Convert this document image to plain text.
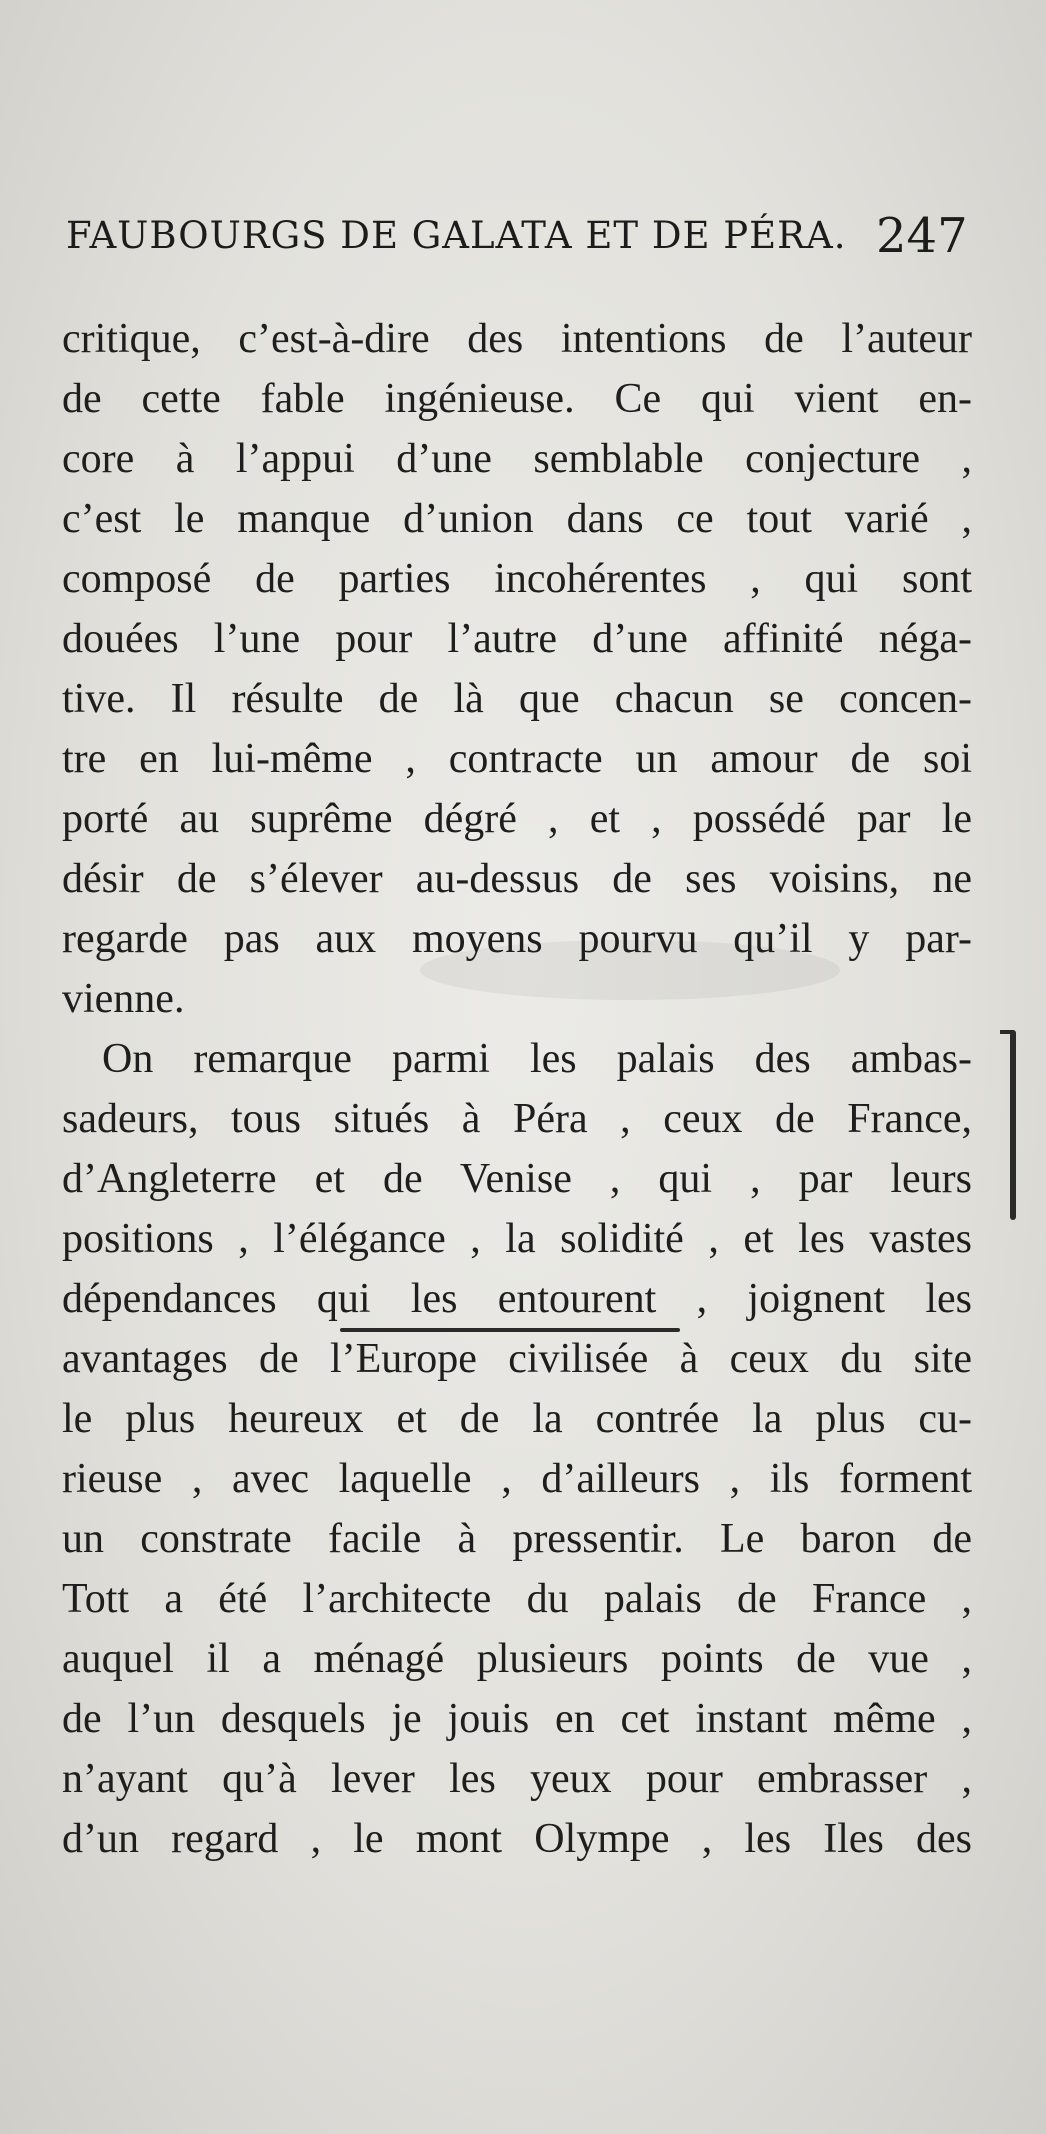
FAUBOURGS DE GALATA ET DE PÉRA. 247
critique, c’est-à-dire des intentions de l’auteur
de cette fable ingénieuse. Ce qui vient en-
core à l’appui d’une semblable conjecture ,
c’est le manque d’union dans ce tout varié ,
composé de parties incohérentes , qui sont
douées l’une pour l’autre d’une affinité néga-
tive. Il résulte de là que chacun se concen-
tre en lui-même , contracte un amour de soi
porté au suprême dégré , et , possédé par le
désir de s’élever au-dessus de ses voisins, ne
regarde pas aux moyens pourvu qu’il y par-
vienne.
On remarque parmi les palais des ambas-
sadeurs, tous situés à Péra , ceux de France,
d’Angleterre et de Venise , qui , par leurs
positions , l’élégance , la solidité , et les vastes
dépendances qui les entourent , joignent les
avantages de l’Europe civilisée à ceux du site
le plus heureux et de la contrée la plus cu-
rieuse , avec laquelle , d’ailleurs , ils forment
un constrate facile à pressentir. Le baron de
Tott a été l’architecte du palais de France ,
auquel il a ménagé plusieurs points de vue ,
de l’un desquels je jouis en cet instant même ,
n’ayant qu’à lever les yeux pour embrasser ,
d’un regard , le mont Olympe , les Iles des
